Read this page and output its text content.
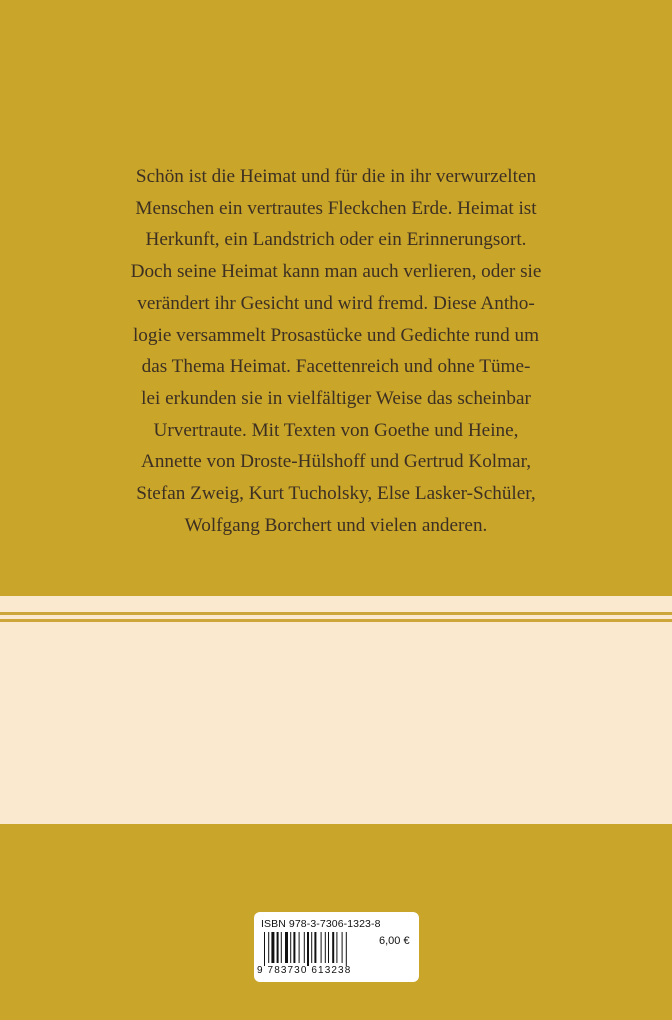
Schön ist die Heimat und für die in ihr verwurzelten
Menschen ein vertrautes Fleckchen Erde. Heimat ist
Herkunft, ein Landstrich oder ein Erinnerungsort.
Doch seine Heimat kann man auch verlieren, oder sie
verändert ihr Gesicht und wird fremd. Diese Antho-
logie versammelt Prosastücke und Gedichte rund um
das Thema Heimat. Facettenreich und ohne Tüme-
lei erkunden sie in vielfältiger Weise das scheinbar
Urvertraute. Mit Texten von Goethe und Heine,
Annette von Droste-Hülshoff und Gertrud Kolmar,
Stefan Zweig, Kurt Tucholsky, Else Lasker-Schüler,
Wolfgang Borchert und vielen anderen.
ISBN 978-3-7306-1323-8
6,00 €
9 783730 613238
